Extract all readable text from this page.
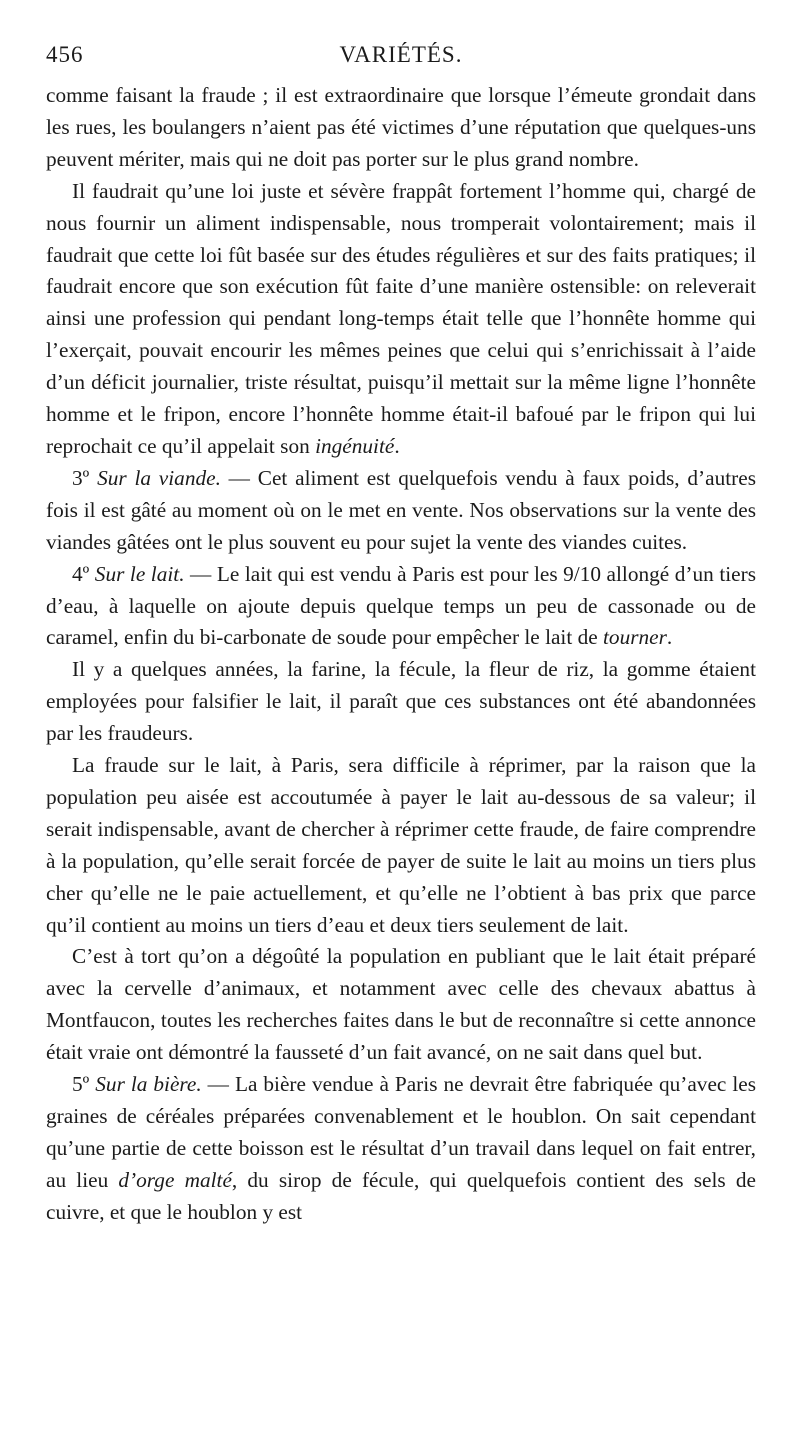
456	VARIÉTÉS.

comme faisant la fraude ; il est extraordinaire que lorsque l’émeute grondait dans les rues, les boulangers n’aient pas été victimes d’une réputation que quelques-uns peuvent mériter, mais qui ne doit pas porter sur le plus grand nombre.

Il faudrait qu’une loi juste et sévère frappât fortement l’homme qui, chargé de nous fournir un aliment indispensable, nous tromperait volontairement; mais il faudrait que cette loi fût basée sur des études régulières et sur des faits pratiques; il faudrait encore que son exécution fût faite d’une manière ostensible: on releverait ainsi une profession qui pendant long-temps était telle que l’honnête homme qui l’exerçait, pouvait encourir les mêmes peines que celui qui s’enrichissait à l’aide d’un déficit journalier, triste résultat, puisqu’il mettait sur la même ligne l’honnête homme et le fripon, encore l’honnête homme était-il bafoué par le fripon qui lui reprochait ce qu’il appelait son ingénuité.

3º Sur la viande. — Cet aliment est quelquefois vendu à faux poids, d’autres fois il est gâté au moment où on le met en vente. Nos observations sur la vente des viandes gâtées ont le plus souvent eu pour sujet la vente des viandes cuites.

4º Sur le lait. — Le lait qui est vendu à Paris est pour les 9/10 allongé d’un tiers d’eau, à laquelle on ajoute depuis quelque temps un peu de cassonade ou de caramel, enfin du bi-carbonate de soude pour empêcher le lait de tourner.

Il y a quelques années, la farine, la fécule, la fleur de riz, la gomme étaient employées pour falsifier le lait, il paraît que ces substances ont été abandonnées par les fraudeurs.

La fraude sur le lait, à Paris, sera difficile à réprimer, par la raison que la population peu aisée est accoutumée à payer le lait au-dessous de sa valeur; il serait indispensable, avant de chercher à réprimer cette fraude, de faire comprendre à la population, qu’elle serait forcée de payer de suite le lait au moins un tiers plus cher qu’elle ne le paie actuellement, et qu’elle ne l’obtient à bas prix que parce qu’il contient au moins un tiers d’eau et deux tiers seulement de lait.

C’est à tort qu’on a dégoûté la population en publiant que le lait était préparé avec la cervelle d’animaux, et notamment avec celle des chevaux abattus à Montfaucon, toutes les recherches faites dans le but de reconnaître si cette annonce était vraie ont démontré la fausseté d’un fait avancé, on ne sait dans quel but.

5º Sur la bière. — La bière vendue à Paris ne devrait être fabriquée qu’avec les graines de céréales préparées convenablement et le houblon. On sait cependant qu’une partie de cette boisson est le résultat d’un travail dans lequel on fait entrer, au lieu d’orge malté, du sirop de fécule, qui quelquefois contient des sels de cuivre, et que le houblon y est
